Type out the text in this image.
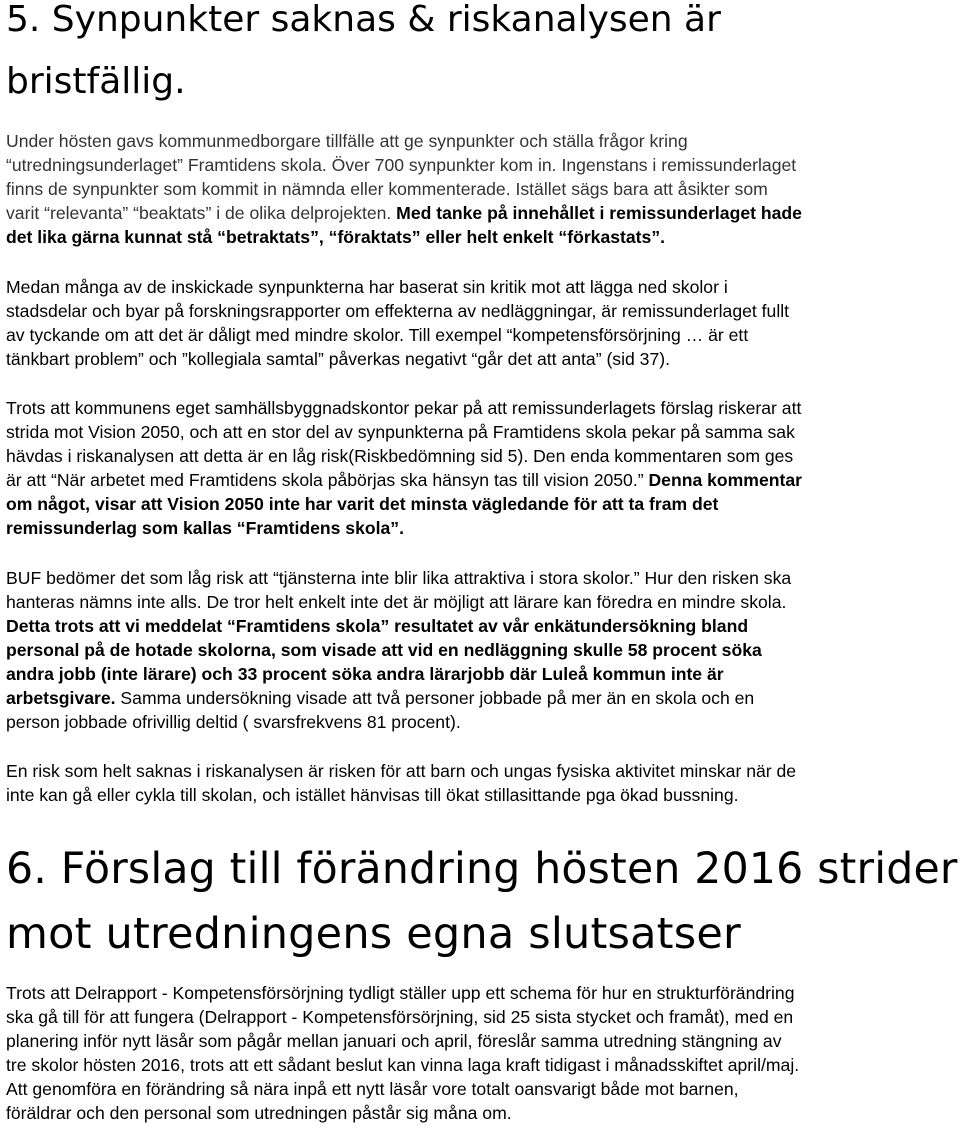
5. Synpunkter saknas & riskanalysen är
bristfällig.
Under hösten gavs kommunmedborgare tillfälle att ge synpunkter och ställa frågor kring
“utredningsunderlaget” Framtidens skola. Över 700 synpunkter kom in. Ingenstans i remissunderlaget
finns de synpunkter som kommit in nämnda eller kommenterade. Istället sägs bara att åsikter som
varit “relevanta” “beaktats” i de olika delprojekten. Med tanke på innehållet i remissunderlaget hade
det lika gärna kunnat stå “betraktats”, “föraktats” eller helt enkelt “förkastats”.
Medan många av de inskickade synpunkterna har baserat sin kritik mot att lägga ned skolor i
stadsdelar och byar på forskningsrapporter om effekterna av nedläggningar, är remissunderlaget fullt
av tyckande om att det är dåligt med mindre skolor. Till exempel “kompetensförsörjning … är ett
tänkbart problem” och ”kollegiala samtal” påverkas negativt “går det att anta” (sid 37).
Trots att kommunens eget samhällsbyggnadskontor pekar på att remissunderlagets förslag riskerar att
strida mot Vision 2050, och att en stor del av synpunkterna på Framtidens skola pekar på samma sak
hävdas i riskanalysen att detta är en låg risk(Riskbedömning sid 5). Den enda kommentaren som ges
är att “När arbetet med Framtidens skola påbörjas ska hänsyn tas till vision 2050.” Denna kommentar
om något, visar att Vision 2050 inte har varit det minsta vägledande för att ta fram det
remissunderlag som kallas “Framtidens skola”.
BUF bedömer det som låg risk att “tjänsterna inte blir lika attraktiva i stora skolor.” Hur den risken ska
hanteras nämns inte alls. De tror helt enkelt inte det är möjligt att lärare kan föredra en mindre skola.
Detta trots att vi meddelat “Framtidens skola” resultatet av vår enkätundersökning bland
personal på de hotade skolorna, som visade att vid en nedläggning skulle 58 procent söka
andra jobb (inte lärare) och 33 procent söka andra lärarjobb där Luleå kommun inte är
arbetsgivare. Samma undersökning visade att två personer jobbade på mer än en skola och en
person jobbade ofrivillig deltid ( svarsfrekvens 81 procent).
En risk som helt saknas i riskanalysen är risken för att barn och ungas fysiska aktivitet minskar när de
inte kan gå eller cykla till skolan, och istället hänvisas till ökat stillasittande pga ökad bussning.
6. Förslag till förändring hösten 2016 strider
mot utredningens egna slutsatser
Trots att Delrapport - Kompetensförsörjning tydligt ställer upp ett schema för hur en strukturförändring
ska gå till för att fungera (Delrapport - Kompetensförsörjning, sid 25 sista stycket och framåt), med en
planering inför nytt läsår som pågår mellan januari och april, föreslår samma utredning stängning av
tre skolor hösten 2016, trots att ett sådant beslut kan vinna laga kraft tidigast i månadsskiftet april/maj.
Att genomföra en förändring så nära inpå ett nytt läsår vore totalt oansvarigt både mot barnen,
föräldrar och den personal som utredningen påstår sig måna om.
